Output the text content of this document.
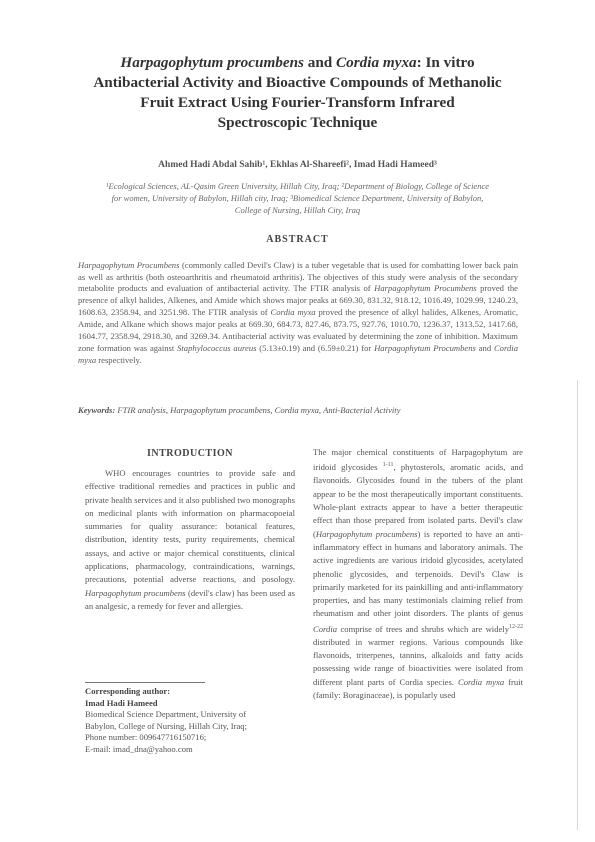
Harpagophytum procumbens and Cordia myxa: In vitro
Antibacterial Activity and Bioactive Compounds of Methanolic
Fruit Extract Using Fourier-Transform Infrared
Spectroscopic Technique
Ahmed Hadi Abdal Sahib¹, Ekhlas Al-Shareefi², Imad Hadi Hameed³
¹Ecological Sciences, AL-Qasim Green University, Hillah City, Iraq; ²Department of Biology, College of Science
for women, University of Babylon, Hillah city, Iraq; ³Biomedical Science Department, University of Babylon,
College of Nursing, Hillah City, Iraq
ABSTRACT

Harpagophytum Procumbens (commonly called Devil's Claw) is a tuber vegetable that is used for combatting lower back pain as well as arthritis (both osteoarthritis and rheumatoid arthritis). The objectives of this study were analysis of the secondary metabolite products and evaluation of antibacterial activity. The FTIR analysis of Harpagophytum Procumbens proved the presence of alkyl halides, Alkenes, and Amide which shows major peaks at 669.30, 831.32, 918.12, 1016.49, 1029.99, 1240.23, 1608.63, 2358.94, and 3251.98. The FTIR analysis of Cordia myxa proved the presence of alkyl halides, Alkenes, Aromatic, Amide, and Alkane which shows major peaks at 669.30, 684.73, 827.46, 873.75, 927.76, 1010.70, 1236.37, 1313.52, 1417.68, 1604.77, 2358.94, 2918.30, and 3269.34. Antibacterial activity was evaluated by determining the zone of inhibition. Maximum zone formation was against Staphylococcus aureus (5.13±0.19) and (6.59±0.21) for Harpagophytum Procumbens and Cordia myxa respectively.

Keywords: FTIR analysis, Harpagophytum procumbens, Cordia myxa, Anti-Bacterial Activity
INTRODUCTION

WHO encourages countries to provide safe and effective traditional remedies and practices in public and private health services and it also published two monographs on medicinal plants with information on pharmacopoeial summaries for quality assurance: botanical features, distribution, identity tests, purity requirements, chemical assays, and active or major chemical constituents, clinical applications, pharmacology, contraindications, warnings, precautions, potential adverse reactions, and posology. Harpagophytum procumbens (devil's claw) has been used as an analgesic, a remedy for fever and allergies.

Corresponding author:
Imad Hadi Hameed
Biomedical Science Department, University of
Babylon, College of Nursing, Hillah City, Iraq;
Phone number: 009647716150716;
E-mail: imad_dna@yahoo.com

The major chemical constituents of Harpagophytum are iridoid glycosides $^{1-11}$, phytosterols, aromatic acids, and flavonoids. Glycosides found in the tubers of the plant appear to be the most therapeutically important constituents. Whole-plant extracts appear to have a better therapeutic effect than those prepared from isolated parts. Devil's claw (Harpagophytum procumbens) is reported to have an anti-inflammatory effect in humans and laboratory animals. The active ingredients are various iridoid glycosides, acetylated phenolic glycosides, and terpenoids. Devil's Claw is primarily marketed for its painkilling and anti-inflammatory properties, and has many testimonials claiming relief from rheumatism and other joint disorders. The plants of genus Cordia comprise of trees and shrubs which are widely$^{12-22}$ distributed in warmer regions. Various compounds like flavonoids, triterpenes, tannins, alkaloids and fatty acids possessing wide range of bioactivities were isolated from different plant parts of Cordia species. Cordia myxa fruit (family: Boraginaceae), is popularly used
